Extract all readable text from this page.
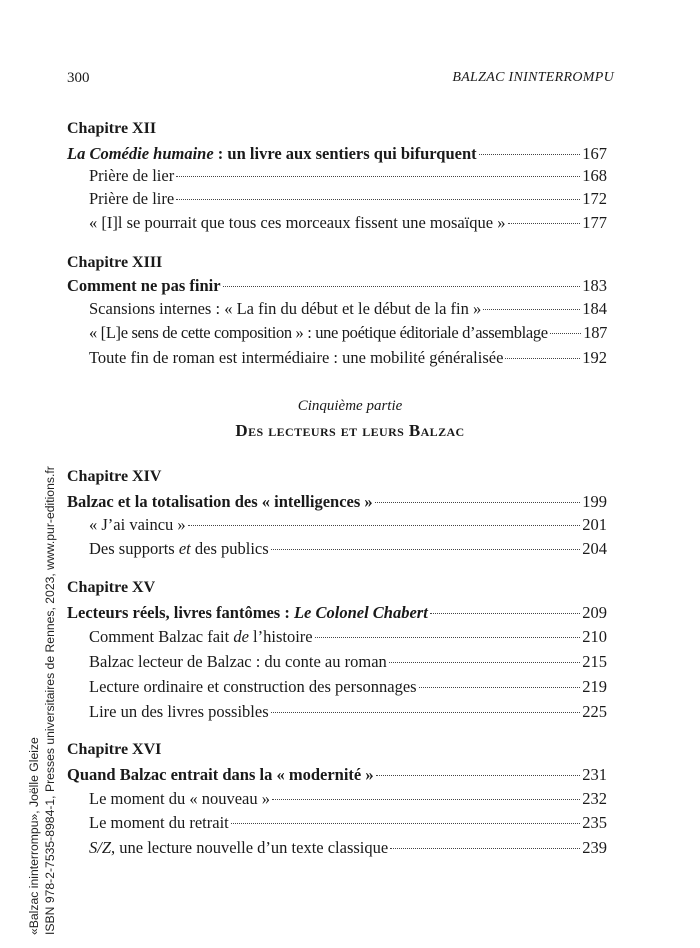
300	BALZAC ININTERROMPU
Chapitre XII
La Comédie humaine : un livre aux sentiers qui bifurquent	167
Prière de lier	168
Prière de lire	172
« [I]l se pourrait que tous ces morceaux fissent une mosaïque »	177
Chapitre XIII
Comment ne pas finir	183
Scansions internes : « La fin du début et le début de la fin »	184
« [L]e sens de cette composition » : une poétique éditoriale d’assemblage 187
Toute fin de roman est intermédiaire : une mobilité généralisée	192
Cinquième partie
Des lecteurs et leurs Balzac
Chapitre XIV
Balzac et la totalisation des « intelligences »	199
« J’ai vaincu »	201
Des supports et des publics	204
Chapitre XV
Lecteurs réels, livres fantômes : Le Colonel Chabert	209
Comment Balzac fait de l’histoire	210
Balzac lecteur de Balzac : du conte au roman	215
Lecture ordinaire et construction des personnages	219
Lire un des livres possibles	225
Chapitre XVI
Quand Balzac entrait dans la « modernité »	231
Le moment du « nouveau »	232
Le moment du retrait	235
S/Z, une lecture nouvelle d’un texte classique	239
«Balzac ininterrompu», Joëlle Gleize ISBN 978-2-7535-8984-1, Presses universitaires de Rennes, 2023, www.pur-editions.fr
